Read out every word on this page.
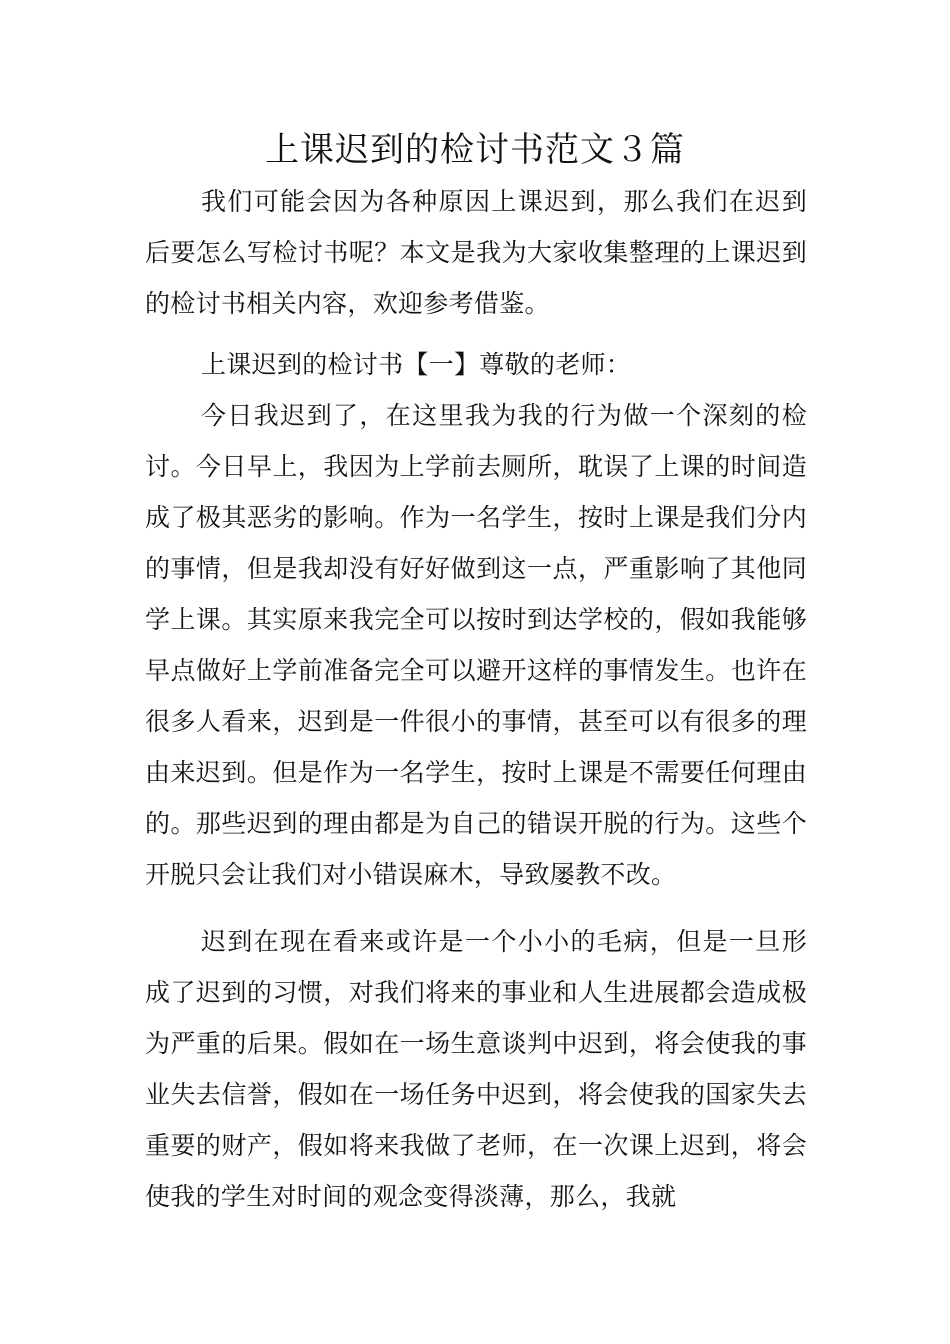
上课迟到的检讨书范文３篇

我们可能会因为各种原因上课迟到，那么我们在迟到后要怎么写检讨书呢？本文是我为大家收集整理的上课迟到的检讨书相关内容，欢迎参考借鉴。

上课迟到的检讨书【一】尊敬的老师：

今日我迟到了，在这里我为我的行为做一个深刻的检讨。今日早上，我因为上学前去厕所，耽误了上课的时间造成了极其恶劣的影响。作为一名学生，按时上课是我们分内的事情，但是我却没有好好做到这一点，严重影响了其他同学上课。其实原来我完全可以按时到达学校的，假如我能够早点做好上学前准备完全可以避开这样的事情发生。也许在很多人看来，迟到是一件很小的事情，甚至可以有很多的理由来迟到。但是作为一名学生，按时上课是不需要任何理由的。那些迟到的理由都是为自己的错误开脱的行为。这些个开脱只会让我们对小错误麻木，导致屡教不改。

迟到在现在看来或许是一个小小的毛病，但是一旦形成了迟到的习惯，对我们将来的事业和人生进展都会造成极为严重的后果。假如在一场生意谈判中迟到，将会使我的事业失去信誉，假如在一场任务中迟到，将会使我的国家失去重要的财产，假如将来我做了老师，在一次课上迟到，将会使我的学生对时间的观念变得淡薄，那么，我就
